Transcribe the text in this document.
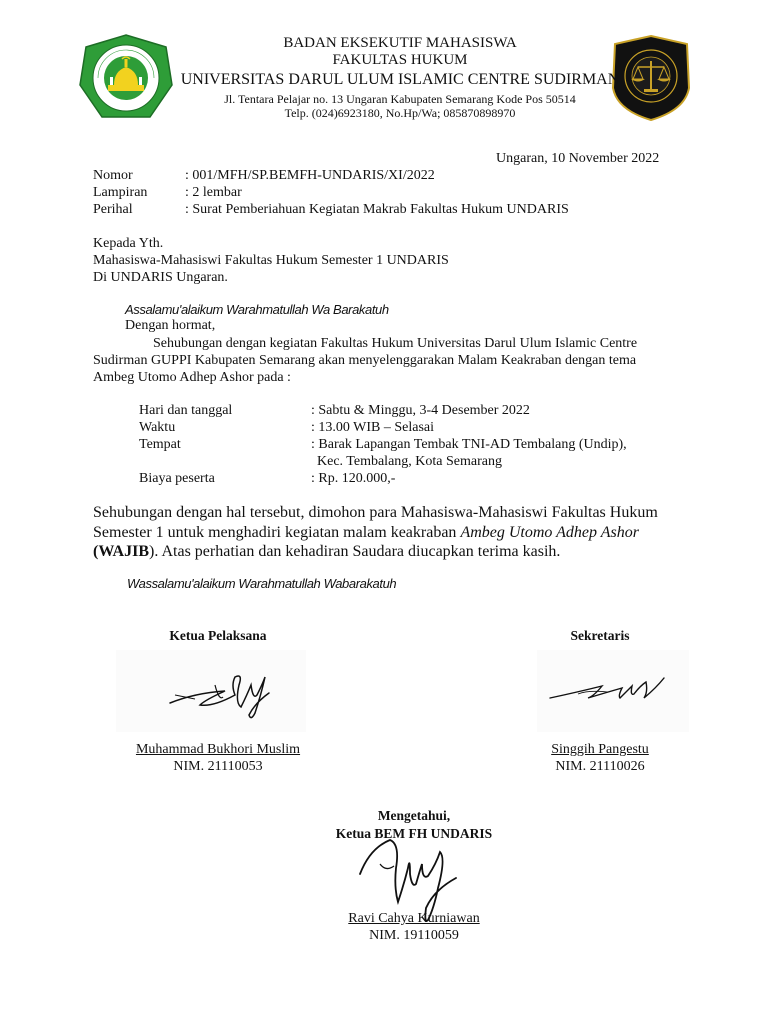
BADAN EKSEKUTIF MAHASISWA
FAKULTAS HUKUM
UNIVERSITAS DARUL ULUM ISLAMIC CENTRE SUDIRMAN
Jl. Tentara Pelajar no. 13 Ungaran Kabupaten Semarang Kode Pos 50514
Telp. (024)6923180, No.Hp/Wa; 085870898970
Ungaran, 10 November 2022
Nomor	: 001/MFH/SP.BEMFH-UNDARIS/XI/2022
Lampiran	: 2 lembar
Perihal	: Surat Pemberiahuan Kegiatan Makrab Fakultas Hukum UNDARIS
Kepada Yth.
Mahasiswa-Mahasiswi Fakultas Hukum Semester 1 UNDARIS
Di UNDARIS Ungaran.
Assalamu'alaikum Warahmatullah Wa Barakatuh
Dengan hormat,
Sehubungan dengan kegiatan Fakultas Hukum Universitas Darul Ulum Islamic Centre
Sudirman GUPPI Kabupaten Semarang akan menyelenggarakan Malam Keakraban dengan tema
Ambeg Utomo Adhep Ashor pada :
Hari dan tanggal	: Sabtu & Minggu, 3-4 Desember 2022
Waktu	: 13.00 WIB – Selasai
Tempat	: Barak Lapangan Tembak TNI-AD Tembalang (Undip),
Kec. Tembalang, Kota Semarang
Biaya peserta	: Rp. 120.000,-
Sehubungan dengan hal tersebut, dimohon para Mahasiswa-Mahasiswi Fakultas Hukum
Semester 1 untuk menghadiri kegiatan malam keakraban Ambeg Utomo Adhep Ashor
(WAJIB). Atas perhatian dan kehadiran Saudara diucapkan terima kasih.
Wassalamu'alaikum Warahmatullah Wabarakatuh
Ketua Pelaksana	Sekretaris
Muhammad Bukhori Muslim
NIM. 21110053
Singgih Pangestu
NIM. 21110026
Mengetahui,
Ketua BEM FH UNDARIS
Ravi Cahya Kurniawan
NIM. 19110059
